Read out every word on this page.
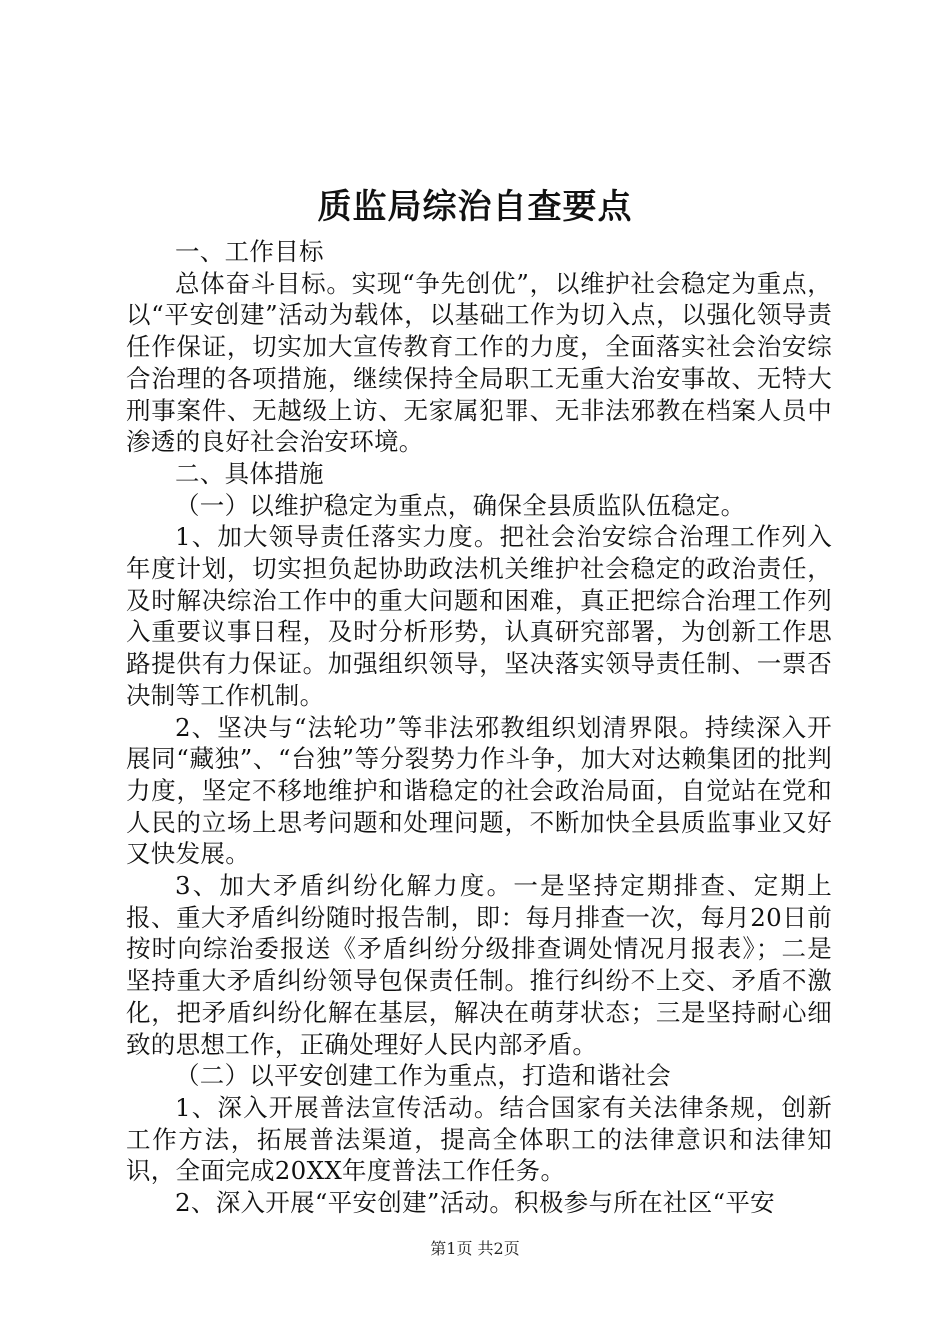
质监局综治自查要点

一、工作目标

总体奋斗目标。实现“争先创优”，以维护社会稳定为重点，以“平安创建”活动为载体，以基础工作为切入点，以强化领导责任作保证，切实加大宣传教育工作的力度，全面落实社会治安综合治理的各项措施，继续保持全局职工无重大治安事故、无特大刑事案件、无越级上访、无家属犯罪、无非法邪教在档案人员中渗透的良好社会治安环境。

二、具体措施

（一）以维护稳定为重点，确保全县质监队伍稳定。

1、加大领导责任落实力度。把社会治安综合治理工作列入年度计划，切实担负起协助政法机关维护社会稳定的政治责任，及时解决综治工作中的重大问题和困难，真正把综合治理工作列入重要议事日程，及时分析形势，认真研究部署，为创新工作思路提供有力保证。加强组织领导，坚决落实领导责任制、一票否决制等工作机制。

2、坚决与“法轮功”等非法邪教组织划清界限。持续深入开展同“藏独”、“台独”等分裂势力作斗争，加大对达赖集团的批判力度，坚定不移地维护和谐稳定的社会政治局面，自觉站在党和人民的立场上思考问题和处理问题，不断加快全县质监事业又好又快发展。

3、加大矛盾纠纷化解力度。一是坚持定期排查、定期上报、重大矛盾纠纷随时报告制，即：每月排查一次，每月20日前按时向综治委报送《矛盾纠纷分级排查调处情况月报表》；二是坚持重大矛盾纠纷领导包保责任制。推行纠纷不上交、矛盾不激化，把矛盾纠纷化解在基层，解决在萌芽状态；三是坚持耐心细致的思想工作，正确处理好人民内部矛盾。

（二）以平安创建工作为重点，打造和谐社会

1、深入开展普法宣传活动。结合国家有关法律条规，创新工作方法，拓展普法渠道，提高全体职工的法律意识和法律知识，全面完成20XX年度普法工作任务。

2、深入开展“平安创建”活动。积极参与所在社区“平安

第1页 共2页
